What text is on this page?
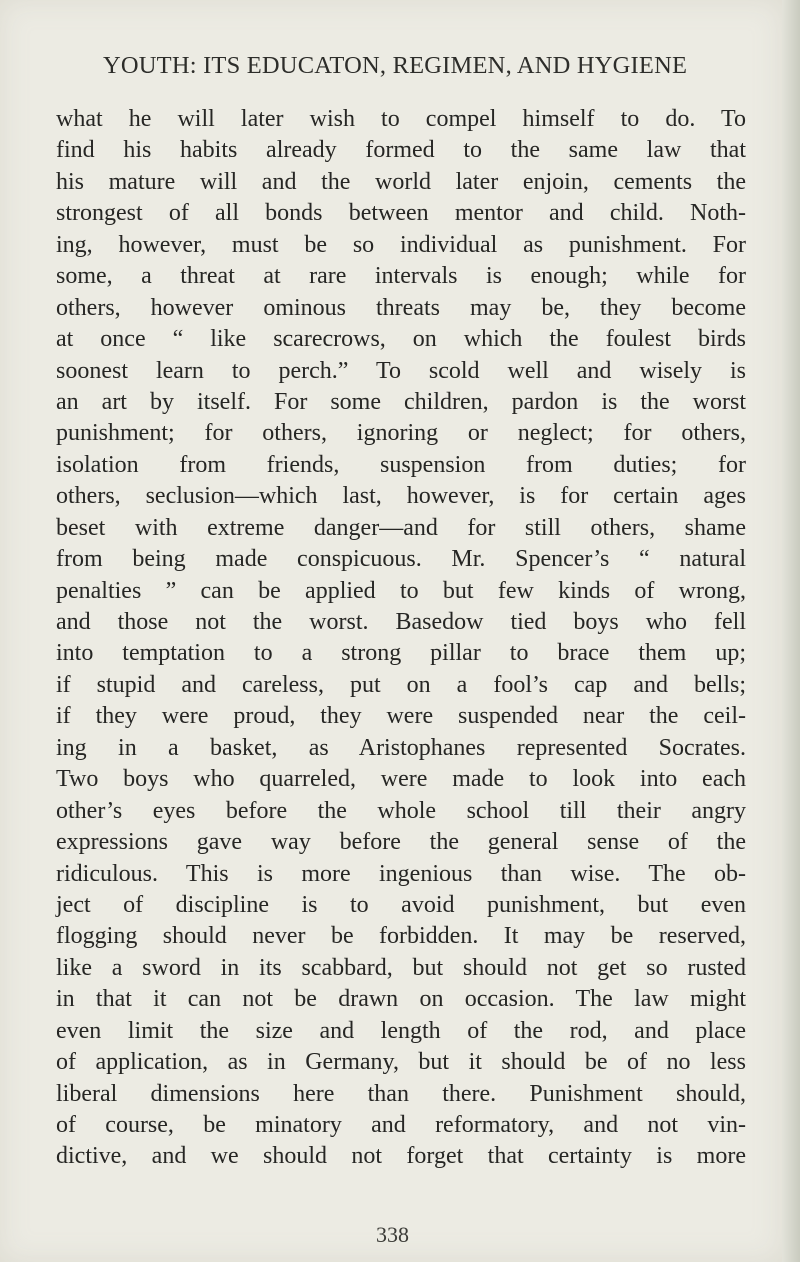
YOUTH: ITS EDUCATON, REGIMEN, AND HYGIENE
what he will later wish to compel himself to do. To
find his habits already formed to the same law that
his mature will and the world later enjoin, cements the
strongest of all bonds between mentor and child. Noth-
ing, however, must be so individual as punishment. For
some, a threat at rare intervals is enough; while for
others, however ominous threats may be, they become
at once “ like scarecrows, on which the foulest birds
soonest learn to perch.” To scold well and wisely is
an art by itself. For some children, pardon is the worst
punishment; for others, ignoring or neglect; for others,
isolation from friends, suspension from duties; for
others, seclusion—which last, however, is for certain ages
beset with extreme danger—and for still others, shame
from being made conspicuous. Mr. Spencer’s “ natural
penalties ” can be applied to but few kinds of wrong,
and those not the worst. Basedow tied boys who fell
into temptation to a strong pillar to brace them up;
if stupid and careless, put on a fool’s cap and bells;
if they were proud, they were suspended near the ceil-
ing in a basket, as Aristophanes represented Socrates.
Two boys who quarreled, were made to look into each
other’s eyes before the whole school till their angry
expressions gave way before the general sense of the
ridiculous. This is more ingenious than wise. The ob-
ject of discipline is to avoid punishment, but even
flogging should never be forbidden. It may be reserved,
like a sword in its scabbard, but should not get so rusted
in that it can not be drawn on occasion. The law might
even limit the size and length of the rod, and place
of application, as in Germany, but it should be of no less
liberal dimensions here than there. Punishment should,
of course, be minatory and reformatory, and not vin-
dictive, and we should not forget that certainty is more
338
